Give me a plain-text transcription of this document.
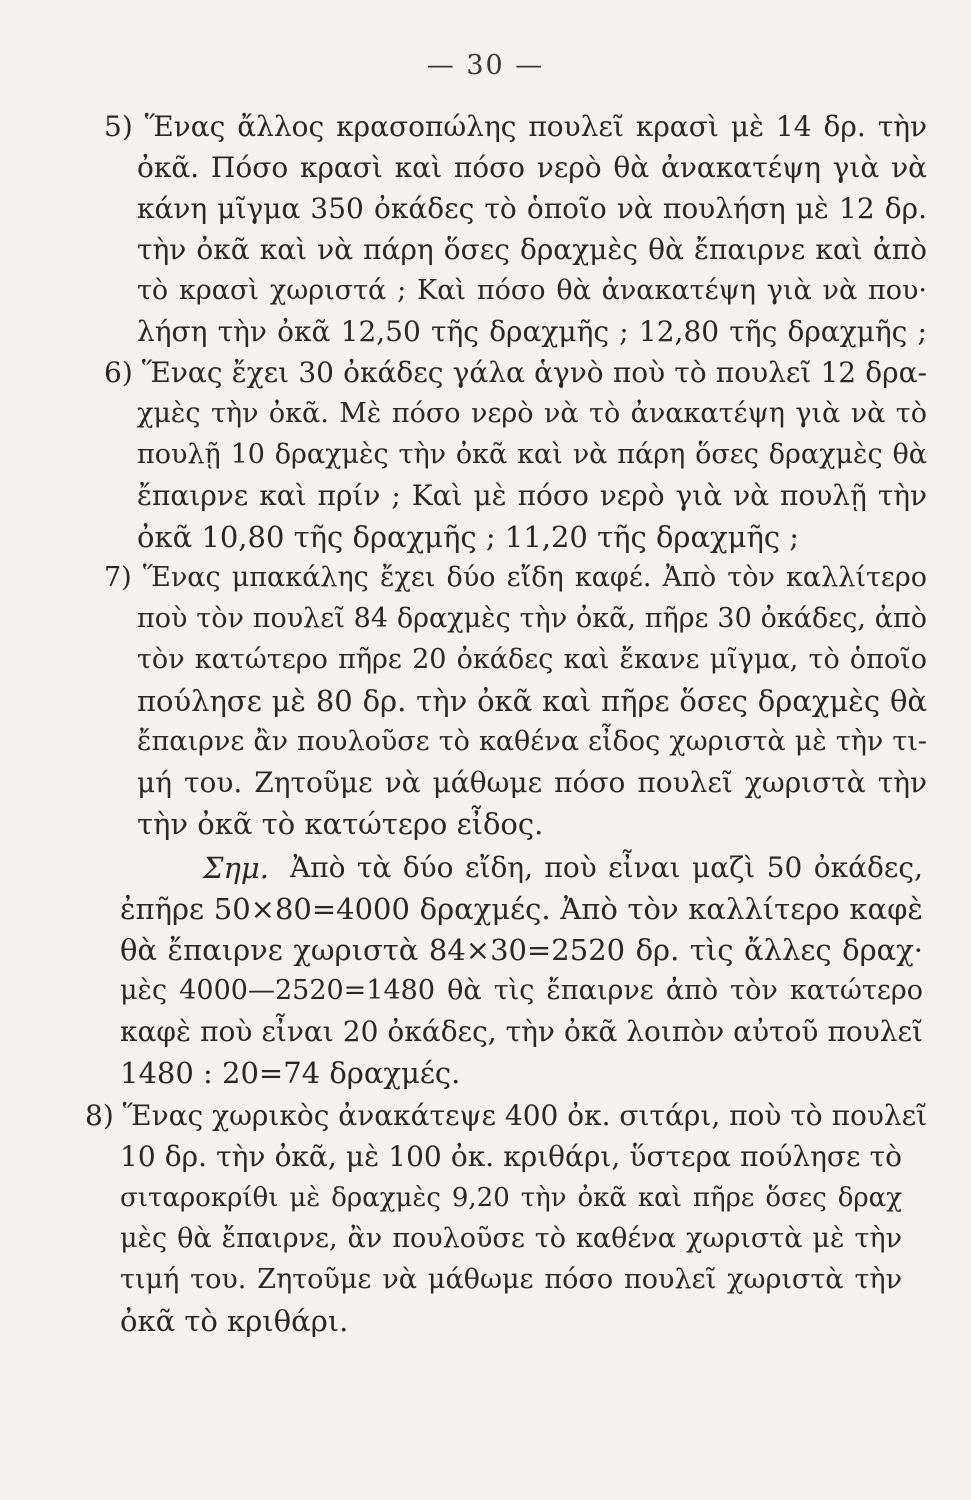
— 30 —
5) Ἕνας ἄλλος κρασοπώλης πουλεῖ κρασὶ μὲ 14 δρ. τὴν
ὀκᾶ. Πόσο κρασὶ καὶ πόσο νερὸ θὰ ἀνακατέψη γιὰ νὰ
κάνη μῖγμα 350 ὀκάδες τὸ ὁποῖο νὰ πουλήση μὲ 12 δρ.
τὴν ὀκᾶ καὶ νὰ πάρη ὅσες δραχμὲς θὰ ἔπαιρνε καὶ ἀπὸ
τὸ κρασὶ χωριστά ; Καὶ πόσο θὰ ἀνακατέψη γιὰ νὰ που·
λήση τὴν ὀκᾶ 12,50 τῆς δραχμῆς ; 12,80 τῆς δραχμῆς ;
6) Ἕνας ἔχει 30 ὀκάδες γάλα ἁγνὸ ποὺ τὸ πουλεῖ 12 δρα-
χμὲς τὴν ὀκᾶ. Μὲ πόσο νερὸ νὰ τὸ ἀνακατέψη γιὰ νὰ τὸ
πουλῇ 10 δραχμὲς τὴν ὀκᾶ καὶ νὰ πάρη ὅσες δραχμὲς θὰ
ἔπαιρνε καὶ πρίν ; Καὶ μὲ πόσο νερὸ γιὰ νὰ πουλῇ τὴν
ὀκᾶ 10,80 τῆς δραχμῆς ; 11,20 τῆς δραχμῆς ;
7) Ἕνας μπακάλης ἔχει δύο εἴδη καφέ. Ἀπὸ τὸν καλλίτερο
ποὺ τὸν πουλεῖ 84 δραχμὲς τὴν ὀκᾶ, πῆρε 30 ὀκάδες, ἀπὸ
τὸν κατώτερο πῆρε 20 ὀκάδες καὶ ἔκανε μῖγμα, τὸ ὁποῖο
πούλησε μὲ 80 δρ. τὴν ὀκᾶ καὶ πῆρε ὅσες δραχμὲς θὰ
ἔπαιρνε ἂν πουλοῦσε τὸ καθένα εἶδος χωριστὰ μὲ τὴν τι-
μή του. Ζητοῦμε νὰ μάθωμε πόσο πουλεῖ χωριστὰ τὴν
τὴν ὀκᾶ τὸ κατώτερο εἶδος.
Σημ. Ἀπὸ τὰ δύο εἴδη, ποὺ εἶναι μαζὶ 50 ὀκάδες,
ἐπῆρε 50×80=4000 δραχμές. Ἀπὸ τὸν καλλίτερο καφὲ
θὰ ἔπαιρνε χωριστὰ 84×30=2520 δρ. τὶς ἄλλες δραχ·
μὲς 4000—2520=1480 θὰ τὶς ἔπαιρνε ἀπὸ τὸν κατώτερο
καφὲ ποὺ εἶναι 20 ὀκάδες, τὴν ὀκᾶ λοιπὸν αὐτοῦ πουλεῖ
1480 : 20=74 δραχμές.
8) Ἕνας χωρικὸς ἀνακάτεψε 400 ὀκ. σιτάρι, ποὺ τὸ πουλεῖ
10 δρ. τὴν ὀκᾶ, μὲ 100 ὀκ. κριθάρι, ὕστερα πούλησε τὸ
σιταροκρίθι μὲ δραχμὲς 9,20 τὴν ὀκᾶ καὶ πῆρε ὅσες δραχ
μὲς θὰ ἔπαιρνε, ἂν πουλοῦσε τὸ καθένα χωριστὰ μὲ τὴν
τιμή του. Ζητοῦμε νὰ μάθωμε πόσο πουλεῖ χωριστὰ τὴν
ὀκᾶ τὸ κριθάρι.
